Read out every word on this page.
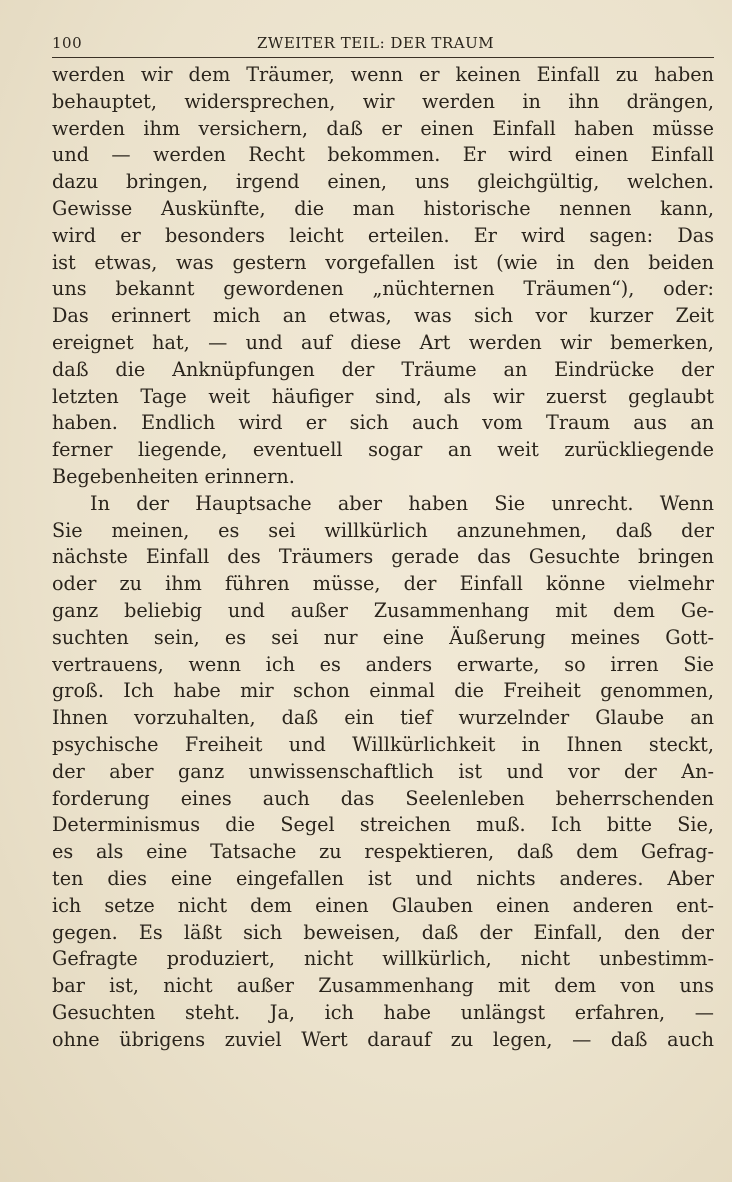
100	ZWEITER TEIL: DER TRAUM
werden wir dem Träumer, wenn er keinen Einfall zu haben
behauptet, widersprechen, wir werden in ihn drängen,
werden ihm versichern, daß er einen Einfall haben müsse
und — werden Recht bekommen. Er wird einen Einfall
dazu bringen, irgend einen, uns gleichgültig, welchen.
Gewisse Auskünfte, die man historische nennen kann,
wird er besonders leicht erteilen. Er wird sagen: Das
ist etwas, was gestern vorgefallen ist (wie in den beiden
uns bekannt gewordenen „nüchternen Träumen“), oder:
Das erinnert mich an etwas, was sich vor kurzer Zeit
ereignet hat, — und auf diese Art werden wir bemerken,
daß die Anknüpfungen der Träume an Eindrücke der
letzten Tage weit häufiger sind, als wir zuerst geglaubt
haben. Endlich wird er sich auch vom Traum aus an
ferner liegende, eventuell sogar an weit zurückliegende
Begebenheiten erinnern.
In der Hauptsache aber haben Sie unrecht. Wenn
Sie meinen, es sei willkürlich anzunehmen, daß der
nächste Einfall des Träumers gerade das Gesuchte bringen
oder zu ihm führen müsse, der Einfall könne vielmehr
ganz beliebig und außer Zusammenhang mit dem Ge-
suchten sein, es sei nur eine Äußerung meines Gott-
vertrauens, wenn ich es anders erwarte, so irren Sie
groß. Ich habe mir schon einmal die Freiheit genommen,
Ihnen vorzuhalten, daß ein tief wurzelnder Glaube an
psychische Freiheit und Willkürlichkeit in Ihnen steckt,
der aber ganz unwissenschaftlich ist und vor der An-
forderung eines auch das Seelenleben beherrschenden
Determinismus die Segel streichen muß. Ich bitte Sie,
es als eine Tatsache zu respektieren, daß dem Gefrag-
ten dies eine eingefallen ist und nichts anderes. Aber
ich setze nicht dem einen Glauben einen anderen ent-
gegen. Es läßt sich beweisen, daß der Einfall, den der
Gefragte produziert, nicht willkürlich, nicht unbestimm-
bar ist, nicht außer Zusammenhang mit dem von uns
Gesuchten steht. Ja, ich habe unlängst erfahren, —
ohne übrigens zuviel Wert darauf zu legen, — daß auch
